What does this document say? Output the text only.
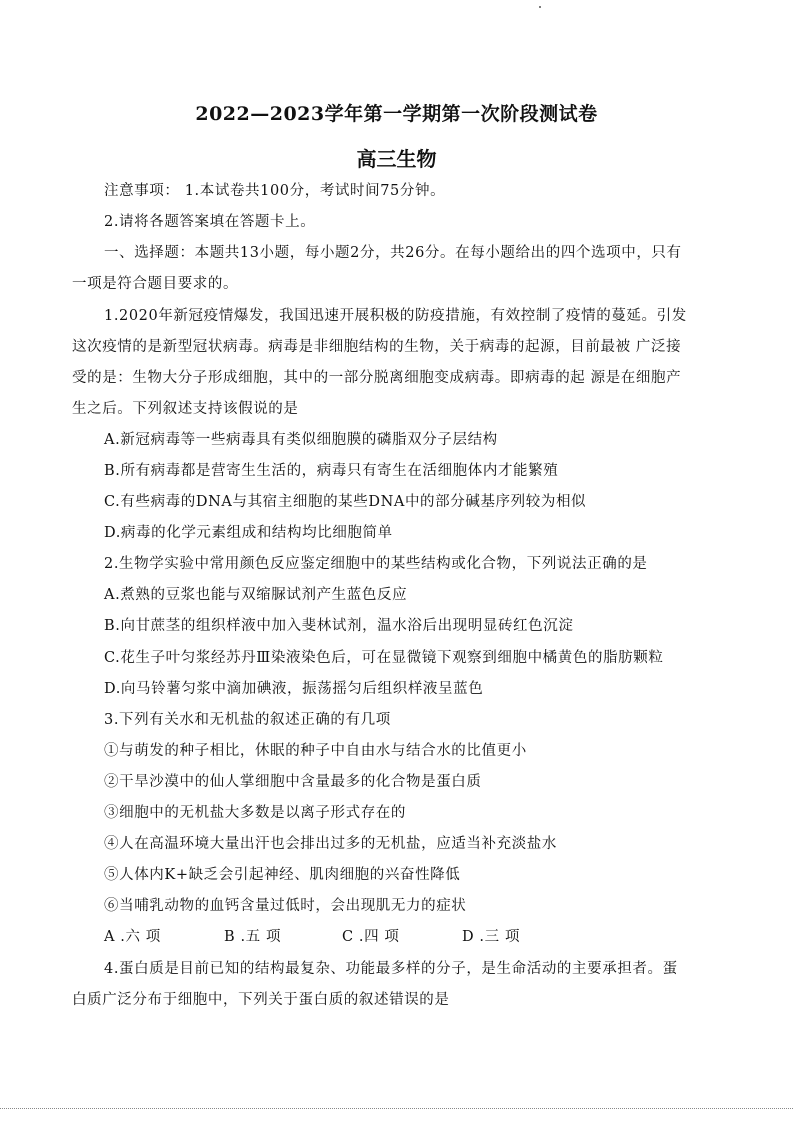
2022—2023学年第一学期第一次阶段测试卷
高三生物
注意事项： 1.本试卷共100分，考试时间75分钟。
2.请将各题答案填在答题卡上。
一、选择题：本题共13小题，每小题2分，共26分。在每小题给出的四个选项中，只有
一项是符合题目要求的。
1.2020年新冠疫情爆发，我国迅速开展积极的防疫措施，有效控制了疫情的蔓延。引发
这次疫情的是新型冠状病毒。病毒是非细胞结构的生物，关于病毒的起源，目前最被 广泛接
受的是：生物大分子形成细胞，其中的一部分脱离细胞变成病毒。即病毒的起 源是在细胞产
生之后。下列叙述支持该假说的是
A.新冠病毒等一些病毒具有类似细胞膜的磷脂双分子层结构
B.所有病毒都是营寄生生活的，病毒只有寄生在活细胞体内才能繁殖
C.有些病毒的DNA与其宿主细胞的某些DNA中的部分碱基序列较为相似
D.病毒的化学元素组成和结构均比细胞简单
2.生物学实验中常用颜色反应鉴定细胞中的某些结构或化合物，下列说法正确的是
A.煮熟的豆浆也能与双缩脲试剂产生蓝色反应
B.向甘蔗茎的组织样液中加入斐林试剂，温水浴后出现明显砖红色沉淀
C.花生子叶匀浆经苏丹Ⅲ染液染色后，可在显微镜下观察到细胞中橘黄色的脂肪颗粒
D.向马铃薯匀浆中滴加碘液，振荡摇匀后组织样液呈蓝色
3.下列有关水和无机盐的叙述正确的有几项
①与萌发的种子相比，休眠的种子中自由水与结合水的比值更小
②干旱沙漠中的仙人掌细胞中含量最多的化合物是蛋白质
③细胞中的无机盐大多数是以离子形式存在的
④人在高温环境大量出汗也会排出过多的无机盐，应适当补充淡盐水
⑤人体内K+缺乏会引起神经、肌肉细胞的兴奋性降低
⑥当哺乳动物的血钙含量过低时，会出现肌无力的症状
A .六 项	B .五 项	C .四 项	D .三 项
4.蛋白质是目前已知的结构最复杂、功能最多样的分子，是生命活动的主要承担者。蛋
白质广泛分布于细胞中，下列关于蛋白质的叙述错误的是
